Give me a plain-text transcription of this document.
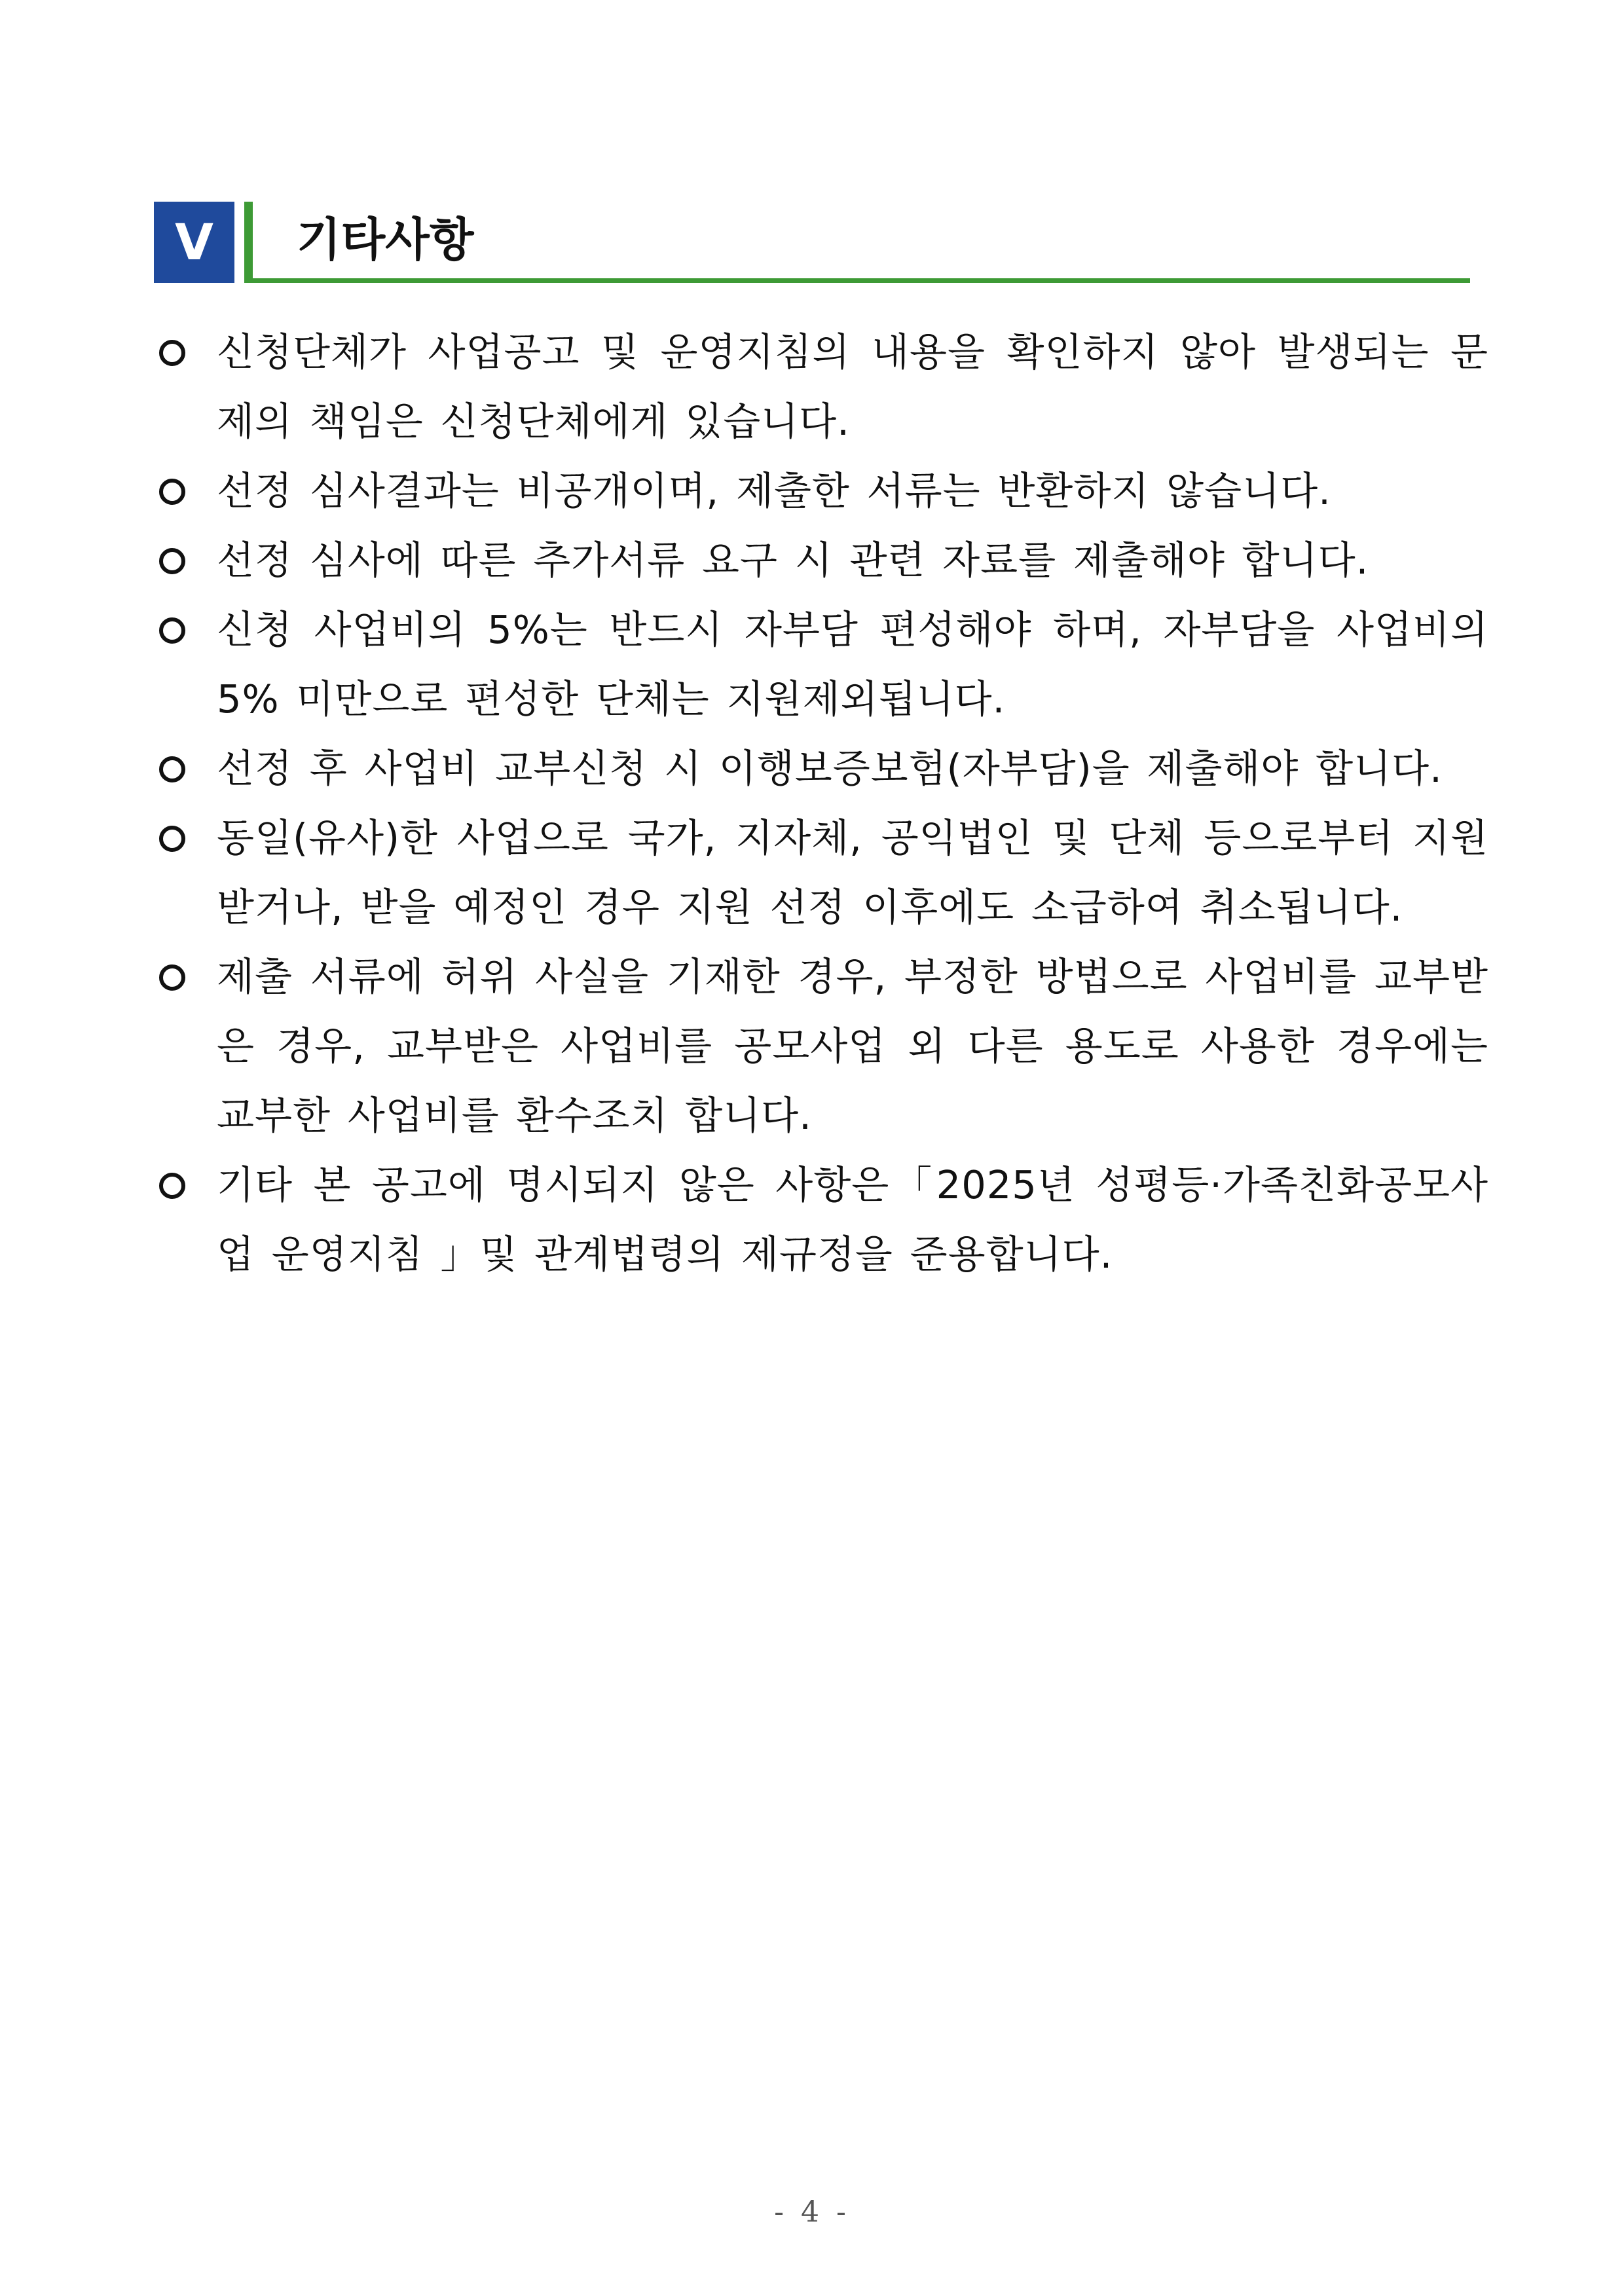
V	기타사항
신청단체가 사업공고 및 운영지침의 내용을 확인하지 않아 발생되는 문제의 책임은 신청단체에게 있습니다.
선정 심사결과는 비공개이며, 제출한 서류는 반환하지 않습니다.
선정 심사에 따른 추가서류 요구 시 관련 자료를 제출해야 합니다.
신청 사업비의 5%는 반드시 자부담 편성해야 하며, 자부담을 사업비의 5% 미만으로 편성한 단체는 지원제외됩니다.
선정 후 사업비 교부신청 시 이행보증보험(자부담)을 제출해야 합니다.
동일(유사)한 사업으로 국가, 지자체, 공익법인 및 단체 등으로부터 지원받거나, 받을 예정인 경우 지원 선정 이후에도 소급하여 취소됩니다.
제출 서류에 허위 사실을 기재한 경우, 부정한 방법으로 사업비를 교부받은 경우, 교부받은 사업비를 공모사업 외 다른 용도로 사용한 경우에는 교부한 사업비를 환수조치 합니다.
기타 본 공고에 명시되지 않은 사항은「2025년 성평등·가족친화공모사업 운영지침 」및 관계법령의 제규정을 준용합니다.
- 4 -
